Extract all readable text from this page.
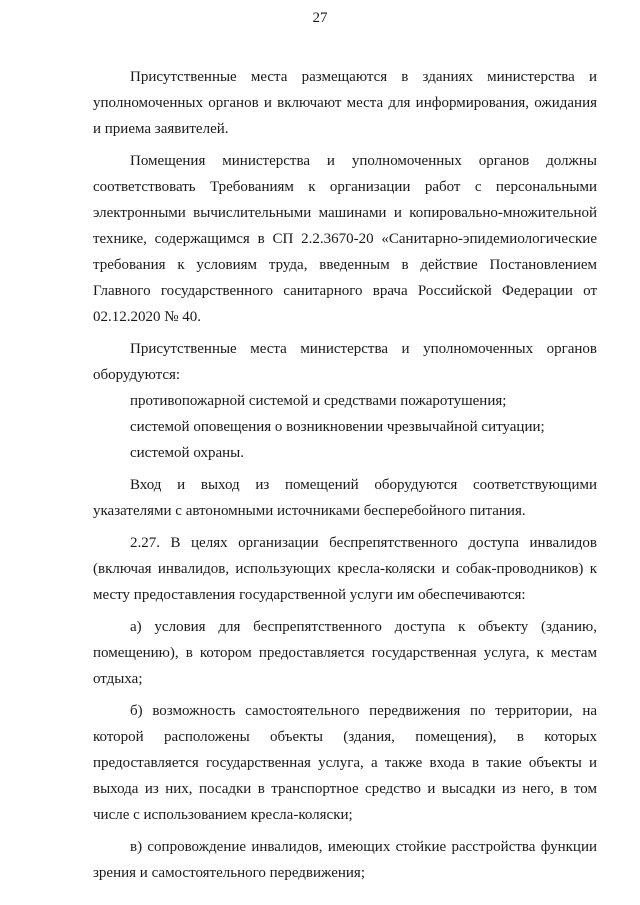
27

Присутственные места размещаются в зданиях министерства и уполномоченных органов и включают места для информирования, ожидания и приема заявителей.

Помещения министерства и уполномоченных органов должны соответствовать Требованиям к организации работ с персональными электронными вычислительными машинами и копировально-множительной технике, содержащимся в СП 2.2.3670-20 «Санитарно-эпидемиологические требования к условиям труда, введенным в действие Постановлением Главного государственного санитарного врача Российской Федерации от 02.12.2020 № 40.

Присутственные места министерства и уполномоченных органов оборудуются:

противопожарной системой и средствами пожаротушения;

системой оповещения о возникновении чрезвычайной ситуации;

системой охраны.

Вход и выход из помещений оборудуются соответствующими указателями с автономными источниками бесперебойного питания.

2.27. В целях организации беспрепятственного доступа инвалидов (включая инвалидов, использующих кресла-коляски и собак-проводников) к месту предоставления государственной услуги им обеспечиваются:

а) условия для беспрепятственного доступа к объекту (зданию, помещению), в котором предоставляется государственная услуга, к местам отдыха;

б) возможность самостоятельного передвижения по территории, на которой расположены объекты (здания, помещения), в которых предоставляется государственная услуга, а также входа в такие объекты и выхода из них, посадки в транспортное средство и высадки из него, в том числе с использованием кресла-коляски;

в) сопровождение инвалидов, имеющих стойкие расстройства функции зрения и самостоятельного передвижения;
